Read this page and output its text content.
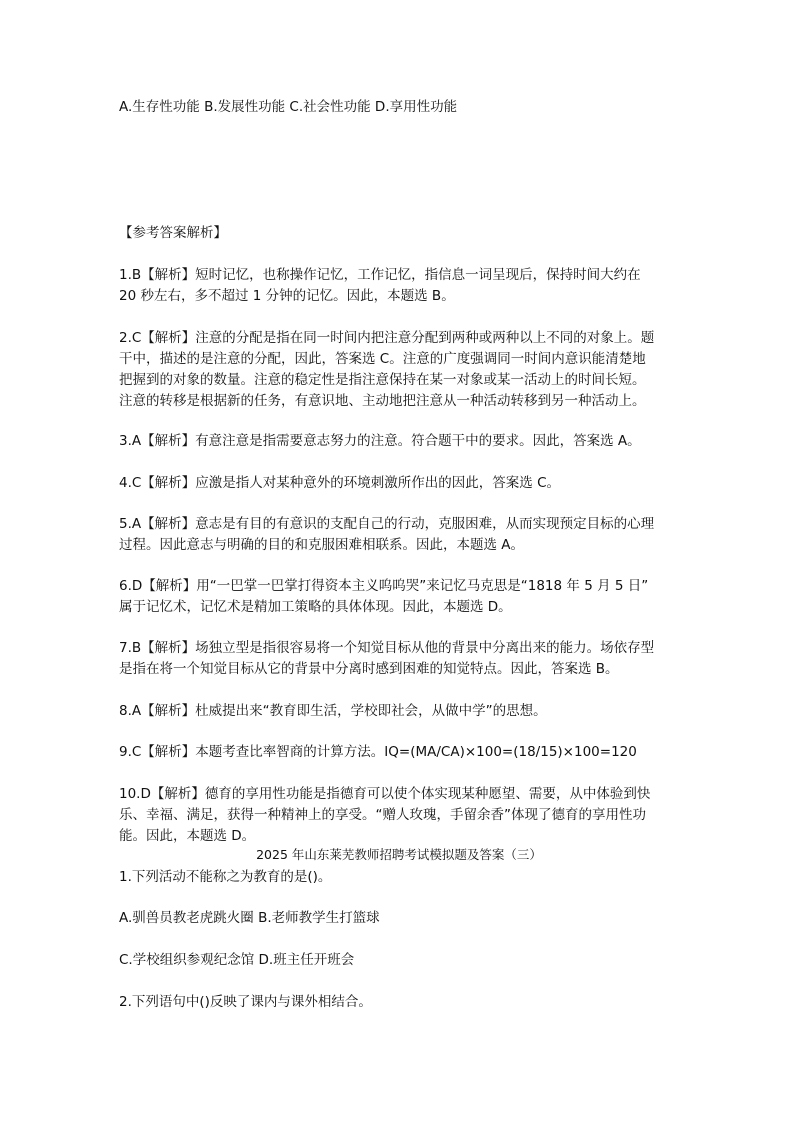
A.生存性功能 B.发展性功能 C.社会性功能 D.享用性功能
【参考答案解析】

1.B【解析】短时记忆，也称操作记忆，工作记忆，指信息一词呈现后，保持时间大约在

20 秒左右，多不超过 1 分钟的记忆。因此，本题选 B。

2.C【解析】注意的分配是指在同一时间内把注意分配到两种或两种以上不同的对象上。题

干中，描述的是注意的分配，因此，答案选 C。注意的广度强调同一时间内意识能清楚地

把握到的对象的数量。注意的稳定性是指注意保持在某一对象或某一活动上的时间长短。

注意的转移是根据新的任务，有意识地、主动地把注意从一种活动转移到另一种活动上。

3.A【解析】有意注意是指需要意志努力的注意。符合题干中的要求。因此，答案选 A。

4.C【解析】应激是指人对某种意外的环境刺激所作出的因此，答案选 C。

5.A【解析】意志是有目的有意识的支配自己的行动，克服困难，从而实现预定目标的心理

过程。因此意志与明确的目的和克服困难相联系。因此，本题选 A。

6.D【解析】用“一巴掌一巴掌打得资本主义呜呜哭”来记忆马克思是“1818 年 5 月 5 日”

属于记忆术，记忆术是精加工策略的具体体现。因此，本题选 D。

7.B【解析】场独立型是指很容易将一个知觉目标从他的背景中分离出来的能力。场依存型

是指在将一个知觉目标从它的背景中分离时感到困难的知觉特点。因此，答案选 B。

8.A【解析】杜威提出来“教育即生活，学校即社会，从做中学”的思想。

9.C【解析】本题考查比率智商的计算方法。IQ=(MA/CA)×100=(18/15)×100=120

10.D【解析】德育的享用性功能是指德育可以使个体实现某种愿望、需要，从中体验到快

乐、幸福、满足，获得一种精神上的享受。“赠人玫瑰，手留余香”体现了德育的享用性功

能。因此，本题选 D。

2025 年山东莱芜教师招聘考试模拟题及答案（三）
1.下列活动不能称之为教育的是()。
A.驯兽员教老虎跳火圈 B.老师教学生打篮球
C.学校组织参观纪念馆 D.班主任开班会
2.下列语句中()反映了课内与课外相结合。
